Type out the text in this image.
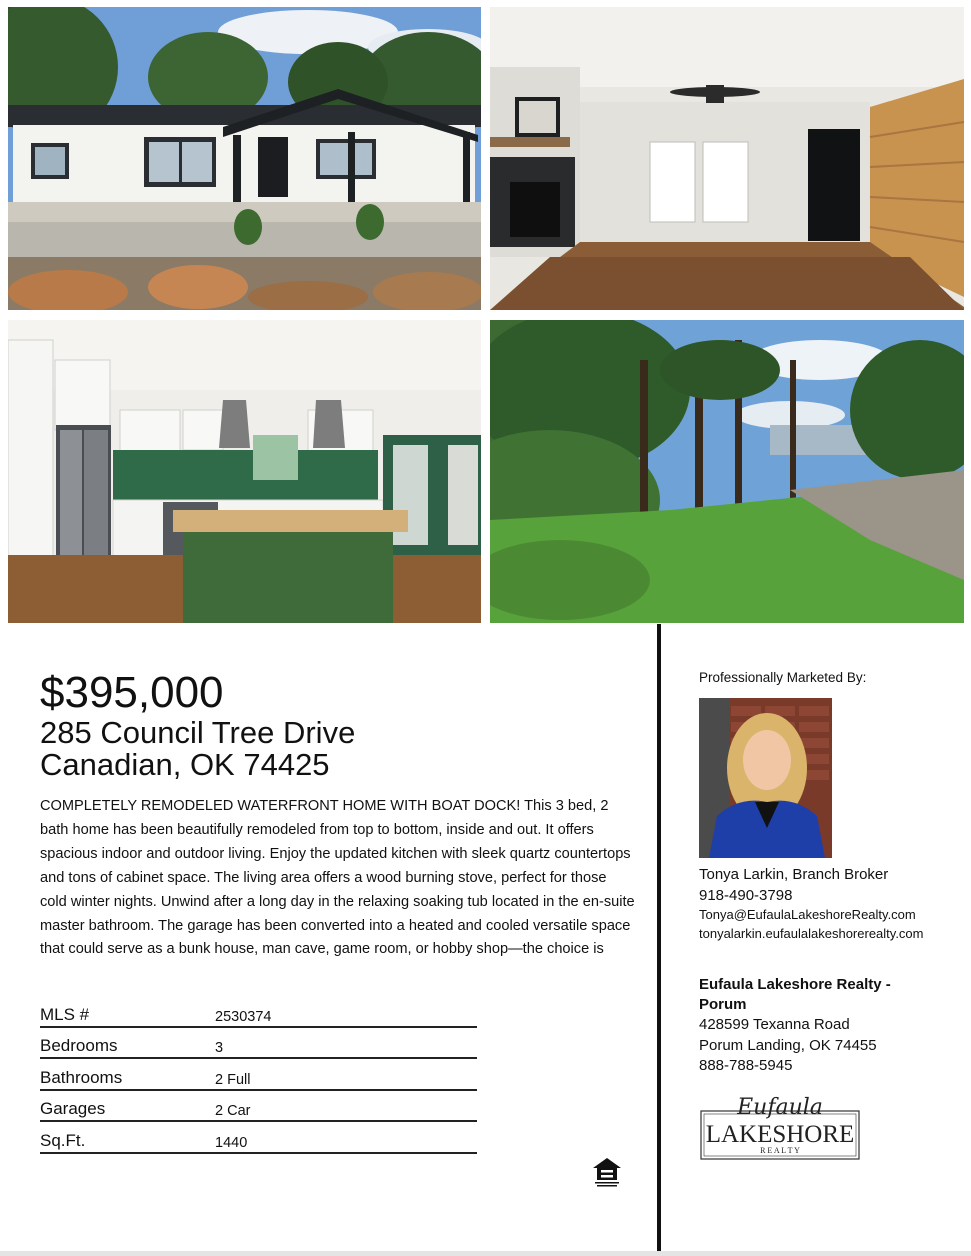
$395,000
285 Council Tree Drive
Canadian, OK 74425
COMPLETELY REMODELED WATERFRONT HOME WITH BOAT DOCK! This 3 bed, 2 bath home has been beautifully remodeled from top to bottom, inside and out. It offers spacious indoor and outdoor living. Enjoy the updated kitchen with sleek quartz countertops and tons of cabinet space. The living area offers a wood burning stove, perfect for those cold winter nights. Unwind after a long day in the relaxing soaking tub located in the en-suite master bathroom. The garage has been converted into a heated and cooled versatile space that could serve as a bunk house, man cave, game room, or hobby shop—the choice is
MLS #	2530374
Bedrooms	3
Bathrooms	2 Full
Garages	2 Car
Sq.Ft.	1440
Professionally Marketed By:
Tonya Larkin, Branch Broker
918-490-3798
Tonya@EufaulaLakeshoreRealty.com
tonyalarkin.eufaulalakeshorerealty.com
Eufaula Lakeshore Realty - Porum
428599 Texanna Road
Porum Landing, OK 74455
888-788-5945
Eufaula
LAKESHORE
R E A L T Y
